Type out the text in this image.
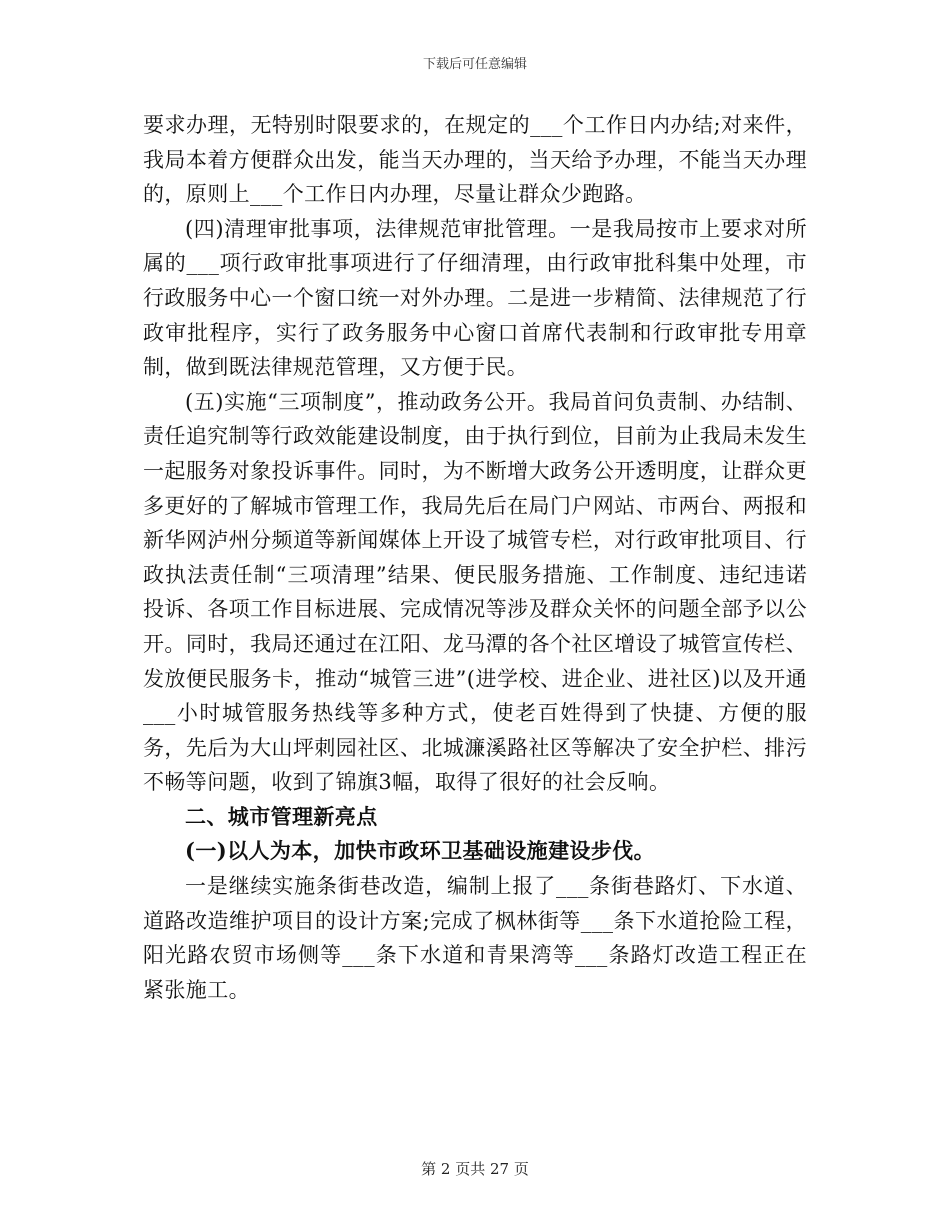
下载后可任意编辑

要求办理，无特别时限要求的，在规定的___个工作日内办结;对来件，我局本着方便群众出发，能当天办理的，当天给予办理，不能当天办理的，原则上___个工作日内办理，尽量让群众少跑路。

(四)清理审批事项，法律规范审批管理。一是我局按市上要求对所属的___项行政审批事项进行了仔细清理，由行政审批科集中处理，市行政服务中心一个窗口统一对外办理。二是进一步精简、法律规范了行政审批程序，实行了政务服务中心窗口首席代表制和行政审批专用章制，做到既法律规范管理，又方便于民。

(五)实施“三项制度”，推动政务公开。我局首问负责制、办结制、责任追究制等行政效能建设制度，由于执行到位，目前为止我局未发生一起服务对象投诉事件。同时，为不断增大政务公开透明度，让群众更多更好的了解城市管理工作，我局先后在局门户网站、市两台、两报和新华网泸州分频道等新闻媒体上开设了城管专栏，对行政审批项目、行政执法责任制“三项清理”结果、便民服务措施、工作制度、违纪违诺投诉、各项工作目标进展、完成情况等涉及群众关怀的问题全部予以公开。同时，我局还通过在江阳、龙马潭的各个社区增设了城管宣传栏、发放便民服务卡，推动“城管三进”(进学校、进企业、进社区)以及开通___小时城管服务热线等多种方式，使老百姓得到了快捷、方便的服务，先后为大山坪刺园社区、北城濂溪路社区等解决了安全护栏、排污不畅等问题，收到了锦旗3幅，取得了很好的社会反响。

二、城市管理新亮点

(一)以人为本，加快市政环卫基础设施建设步伐。

一是继续实施条街巷改造，编制上报了___条街巷路灯、下水道、道路改造维护项目的设计方案;完成了枫林街等___条下水道抢险工程，阳光路农贸市场侧等___条下水道和青果湾等___条路灯改造工程正在紧张施工。

第 2 页共 27 页
